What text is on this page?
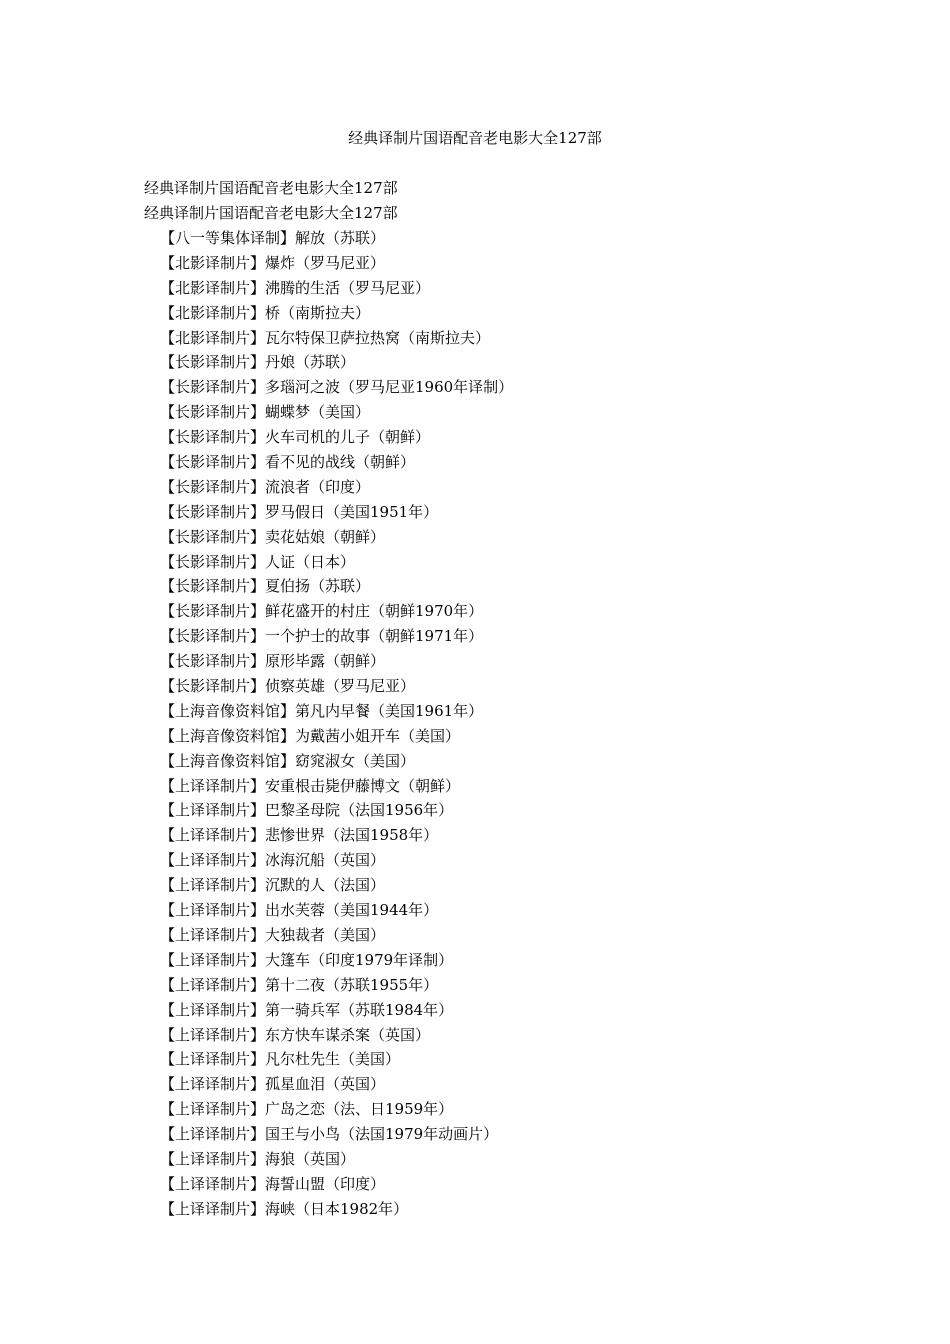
经典译制片国语配音老电影大全127部
经典译制片国语配音老电影大全127部
经典译制片国语配音老电影大全127部
【八一等集体译制】解放（苏联）
【北影译制片】爆炸（罗马尼亚）
【北影译制片】沸腾的生活（罗马尼亚）
【北影译制片】桥（南斯拉夫）
【北影译制片】瓦尔特保卫萨拉热窝（南斯拉夫）
【长影译制片】丹娘（苏联）
【长影译制片】多瑙河之波（罗马尼亚1960年译制）
【长影译制片】蝴蝶梦（美国）
【长影译制片】火车司机的儿子（朝鲜）
【长影译制片】看不见的战线（朝鲜）
【长影译制片】流浪者（印度）
【长影译制片】罗马假日（美国1951年）
【长影译制片】卖花姑娘（朝鲜）
【长影译制片】人证（日本）
【长影译制片】夏伯扬（苏联）
【长影译制片】鲜花盛开的村庄（朝鲜1970年）
【长影译制片】一个护士的故事（朝鲜1971年）
【长影译制片】原形毕露（朝鲜）
【长影译制片】侦察英雄（罗马尼亚）
【上海音像资料馆】第凡内早餐（美国1961年）
【上海音像资料馆】为戴茜小姐开车（美国）
【上海音像资料馆】窈窕淑女（美国）
【上译译制片】安重根击毙伊藤博文（朝鲜）
【上译译制片】巴黎圣母院（法国1956年）
【上译译制片】悲惨世界（法国1958年）
【上译译制片】冰海沉船（英国）
【上译译制片】沉默的人（法国）
【上译译制片】出水芙蓉（美国1944年）
【上译译制片】大独裁者（美国）
【上译译制片】大篷车（印度1979年译制）
【上译译制片】第十二夜（苏联1955年）
【上译译制片】第一骑兵军（苏联1984年）
【上译译制片】东方快车谋杀案（英国）
【上译译制片】凡尔杜先生（美国）
【上译译制片】孤星血泪（英国）
【上译译制片】广岛之恋（法、日1959年）
【上译译制片】国王与小鸟（法国1979年动画片）
【上译译制片】海狼（英国）
【上译译制片】海誓山盟（印度）
【上译译制片】海峡（日本1982年）
